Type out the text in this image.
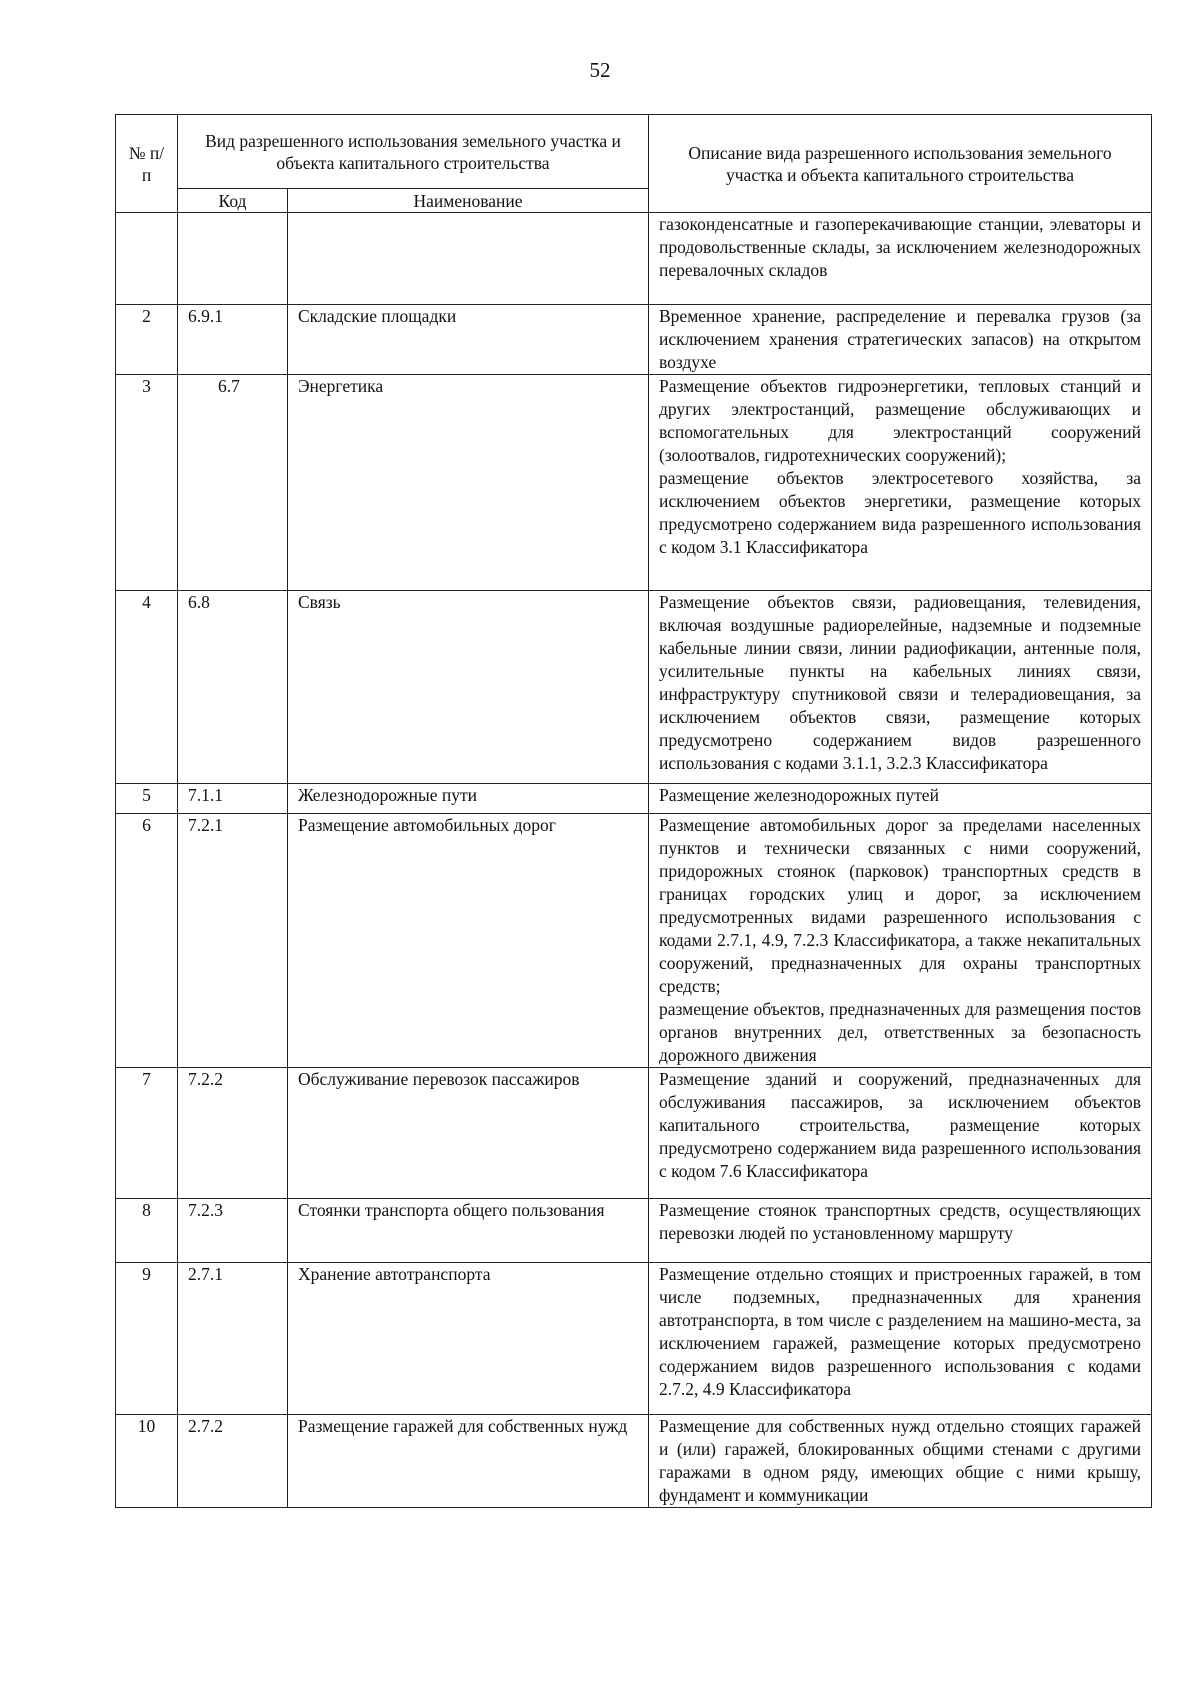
52
№ п/п	Вид разрешенного использования земельного участка и объекта капитального строительства		Описание вида разрешенного использования земельного участка и объекта капитального строительства
	Код	Наименование	

			газоконденсатные и газоперекачивающие станции, элеваторы и продовольственные склады, за исключением железнодорожных перевалочных складов

2	6.9.1	Складские площадки	Временное хранение, распределение и перевалка грузов (за исключением хранения стратегических запасов) на открытом воздухе

3	6.7	Энергетика	Размещение объектов гидроэнергетики, тепловых станций и других электростанций, размещение обслуживающих и вспомогательных для электростанций сооружений (золоотвалов, гидротехнических сооружений);

размещение объектов электросетевого хозяйства, за исключением объектов энергетики, размещение которых предусмотрено содержанием вида разрешенного использования с кодом 3.1 Классификатора

4	6.8	Связь	Размещение объектов связи, радиовещания, телевидения, включая воздушные радиорелейные, надземные и подземные кабельные линии связи, линии радиофикации, антенные поля, усилительные пункты на кабельных линиях связи, инфраструктуру спутниковой связи и телерадиовещания, за исключением объектов связи, размещение которых предусмотрено содержанием видов разрешенного использования с кодами 3.1.1, 3.2.3 Классификатора

5	7.1.1	Железнодорожные пути	Размещение железнодорожных путей

6	7.2.1	Размещение автомобильных дорог	Размещение автомобильных дорог за пределами населенных пунктов и технически связанных с ними сооружений, придорожных стоянок (парковок) транспортных средств в границах городских улиц и дорог, за исключением предусмотренных видами разрешенного использования с кодами 2.7.1, 4.9, 7.2.3 Классификатора, а также некапитальных сооружений, предназначенных для охраны транспортных средств;

размещение объектов, предназначенных для размещения постов органов внутренних дел, ответственных за безопасность дорожного движения

7	7.2.2	Обслуживание перевозок пассажиров	Размещение зданий и сооружений, предназначенных для обслуживания пассажиров, за исключением объектов капитального строительства, размещение которых предусмотрено содержанием вида разрешенного использования с кодом 7.6 Классификатора

8	7.2.3	Стоянки транспорта общего пользования	Размещение стоянок транспортных средств, осуществляющих перевозки людей по установленному маршруту

9	2.7.1	Хранение автотранспорта	Размещение отдельно стоящих и пристроенных гаражей, в том числе подземных, предназначенных для хранения автотранспорта, в том числе с разделением на машино-места, за исключением гаражей, размещение которых предусмотрено содержанием видов разрешенного использования с кодами 2.7.2, 4.9 Классификатора

10	2.7.2	Размещение гаражей для собственных нужд	Размещение для собственных нужд отдельно стоящих гаражей и (или) гаражей, блокированных общими стенами с другими гаражами в одном ряду, имеющих общие с ними крышу, фундамент и коммуникации
